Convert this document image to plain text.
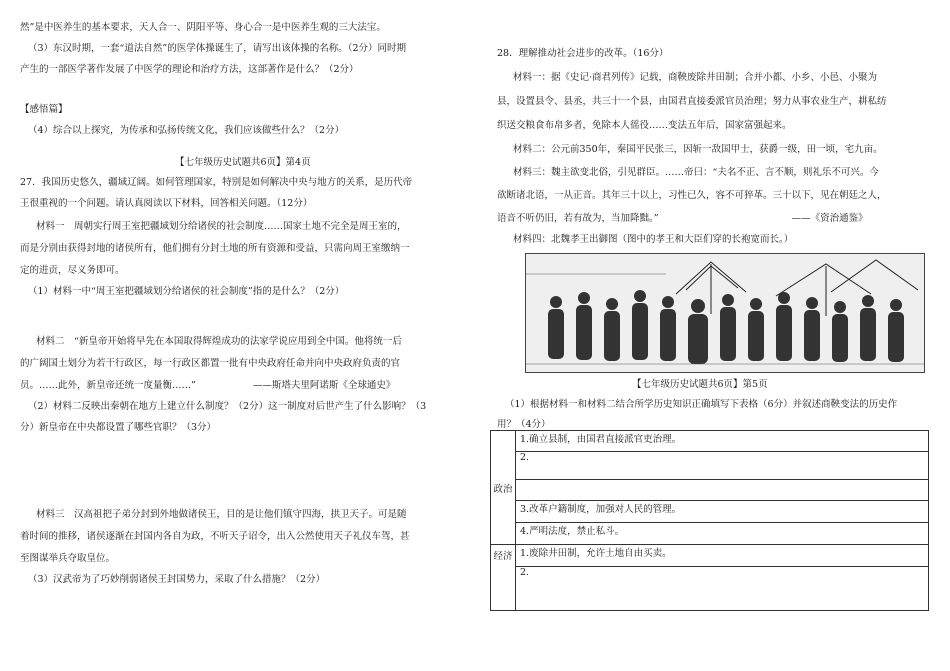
然”是中医养生的基本要求，天人合一、阴阳平等、身心合一是中医养生观的三大法宝。
（3）东汉时期，一套“道法自然”的医学体操诞生了，请写出该体操的名称。（2分）同时期
产生的一部医学著作发展了中医学的理论和治疗方法，这部著作是什么？（2分）
【感悟篇】
（4）综合以上探究，为传承和弘扬传统文化，我们应该做些什么？（2分）
【七年级历史试题共6页】第4页
27．我国历史悠久，疆域辽阔。如何管理国家，特别是如何解决中央与地方的关系，是历代帝
王很重视的一个问题。请认真阅读以下材料，回答相关问题。（12分）
材料一　周朝实行周王室把疆域划分给诸侯的社会制度……国家土地不完全是周王室的，
而是分别由获得封地的诸侯所有，他们拥有分封土地的所有资源和受益，只需向周王室缴纳一
定的进贡，尽义务即可。
（1）材料一中“周王室把疆域划分给诸侯的社会制度”指的是什么？（2分）
材料二　“新皇帝开始将早先在本国取得辉煌成功的法家学说应用到全中国。他将统一后
的广阔国土划分为若干行政区，每一行政区都置一批有中央政府任命并向中央政府负责的官
员。……此外，新皇帝还统一度量衡……”　　　　　　——斯塔夫里阿诺斯《全球通史》
（2）材料二反映出秦朝在地方上建立什么制度？（2分）这一制度对后世产生了什么影响？（3
分）新皇帝在中央都设置了哪些官职？（3分）
材料三　汉高祖把子弟分封到外地做诸侯王，目的是让他们镇守四海，拱卫天子。可是随
着时间的推移，诸侯逐渐在封国内各自为政，不听天子诏令，出入公然使用天子礼仪车驾，甚
至图谋举兵夺取皇位。
（3）汉武帝为了巧妙削弱诸侯王封国势力，采取了什么措施？（2分）
28．理解推动社会进步的改革。（16分）
材料一：据《史记·商君列传》记载，商鞅废除井田制；合并小都、小乡、小邑、小聚为
县，设置县令、县丞，共三十一个县，由国君直接委派官员治理；努力从事农业生产，耕私纺
织送交粮食布帛多者，免除本人徭役……变法五年后，国家富强起来。
材料二：公元前350年，秦国平民张三，因斩一敌国甲士，获爵一级，田一顷，宅九亩。
材料三：魏主欲变北俗，引见群臣。……帝曰：“夫名不正、言不顺，则礼乐不可兴。今
欲断诸北语，一从正音。其年三十以上，习性已久，容不可猝革。三十以下，见在朝廷之人，
语音不听仍旧，若有故为，当加降黜。”　　　　　　　　　　　　　　——《资治通鉴》
材料四：北魏孝王出御图（图中的孝王和大臣们穿的长袍宽而长。）
【七年级历史试题共6页】第5页
（1）根据材料一和材料二结合所学历史知识正确填写下表格（6分）并叙述商鞅变法的历史作
用？（4分）
政治	1.确立县制，由国君直接派官吏治理。
	2.

	3.改革户籍制度，加强对人民的管理。
	4.严明法度，禁止私斗。
经济	1.废除井田制，允许土地自由买卖。
	2.
